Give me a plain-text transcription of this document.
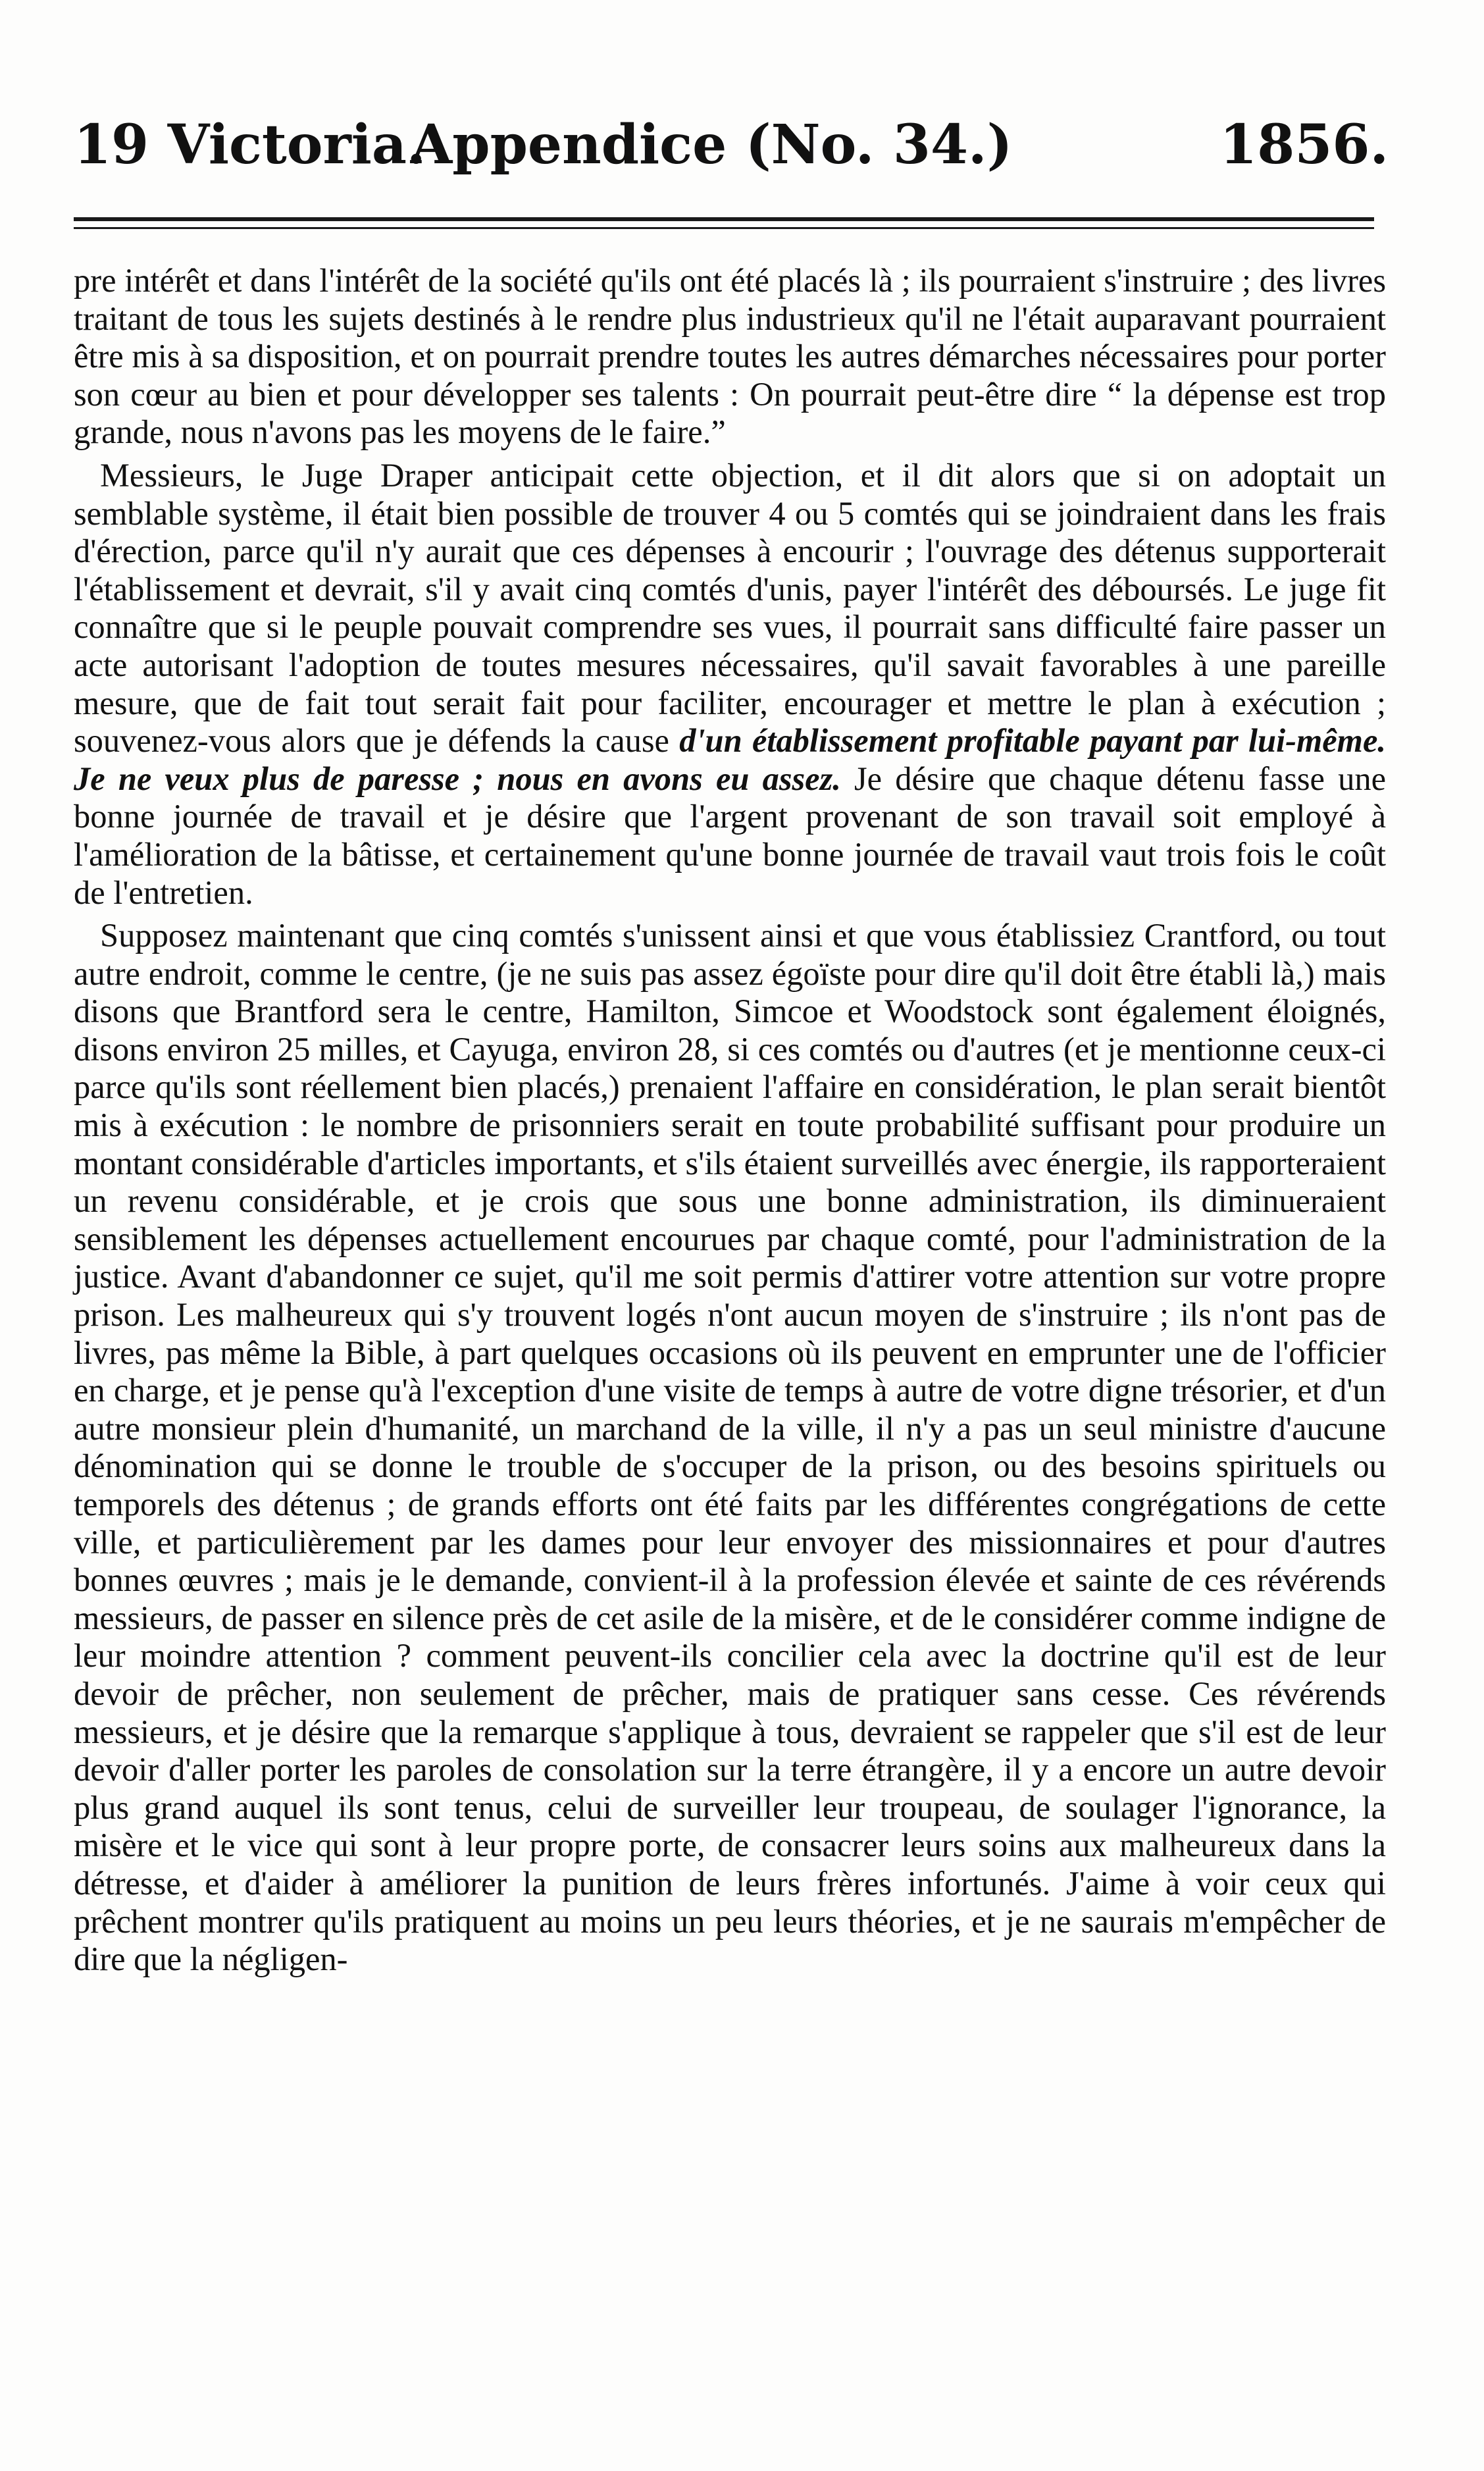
19 Victoria.
Appendice (No. 34.)	1856.

pre intérêt et dans l'intérêt de la société qu'ils ont été placés là ; ils pourraient s'instruire ; des livres traitant de tous les sujets destinés à le rendre plus industrieux qu'il ne l'était auparavant pourraient être mis à sa disposition, et on pourrait prendre toutes les autres démarches nécessaires pour porter son cœur au bien et pour développer ses talents : On pourrait peut-être dire “ la dépense est trop grande, nous n'avons pas les moyens de le faire.”

Messieurs, le Juge Draper anticipait cette objection, et il dit alors que si on adoptait un semblable système, il était bien possible de trouver 4 ou 5 comtés qui se joindraient dans les frais d'érection, parce qu'il n'y aurait que ces dépenses à encourir ; l'ouvrage des détenus supporterait l'établissement et devrait, s'il y avait cinq comtés d'unis, payer l'intérêt des déboursés. Le juge fit connaître que si le peuple pouvait comprendre ses vues, il pourrait sans difficulté faire passer un acte autorisant l'adoption de toutes mesures nécessaires, qu'il savait favorables à une pareille mesure, que de fait tout serait fait pour faciliter, encourager et mettre le plan à exécution ; souvenez-vous alors que je défends la cause d'un établissement profitable payant par lui-même. Je ne veux plus de paresse ; nous en avons eu assez. Je désire que chaque détenu fasse une bonne journée de travail et je désire que l'argent provenant de son travail soit employé à l'amélioration de la bâtisse, et certainement qu'une bonne journée de travail vaut trois fois le coût de l'entretien.

Supposez maintenant que cinq comtés s'unissent ainsi et que vous établissiez Crantford, ou tout autre endroit, comme le centre, (je ne suis pas assez égoïste pour dire qu'il doit être établi là,) mais disons que Brantford sera le centre, Hamilton, Simcoe et Woodstock sont également éloignés, disons environ 25 milles, et Cayuga, environ 28, si ces comtés ou d'autres (et je mentionne ceux-ci parce qu'ils sont réellement bien placés,) prenaient l'affaire en considération, le plan serait bientôt mis à exécution : le nombre de prisonniers serait en toute probabilité suffisant pour produire un montant considérable d'articles importants, et s'ils étaient surveillés avec énergie, ils rapporteraient un revenu considérable, et je crois que sous une bonne administration, ils diminueraient sensiblement les dépenses actuellement encourues par chaque comté, pour l'administration de la justice. Avant d'abandonner ce sujet, qu'il me soit permis d'attirer votre attention sur votre propre prison. Les malheureux qui s'y trouvent logés n'ont aucun moyen de s'instruire ; ils n'ont pas de livres, pas même la Bible, à part quelques occasions où ils peuvent en emprunter une de l'officier en charge, et je pense qu'à l'exception d'une visite de temps à autre de votre digne trésorier, et d'un autre monsieur plein d'humanité, un marchand de la ville, il n'y a pas un seul ministre d'aucune dénomination qui se donne le trouble de s'occuper de la prison, ou des besoins spirituels ou temporels des détenus ; de grands efforts ont été faits par les différentes congrégations de cette ville, et particulièrement par les dames pour leur envoyer des missionnaires et pour d'autres bonnes œuvres ; mais je le demande, convient-il à la profession élevée et sainte de ces révérends messieurs, de passer en silence près de cet asile de la misère, et de le considérer comme indigne de leur moindre attention ? comment peuvent-ils concilier cela avec la doctrine qu'il est de leur devoir de prêcher, non seulement de prêcher, mais de pratiquer sans cesse. Ces révérends messieurs, et je désire que la remarque s'applique à tous, devraient se rappeler que s'il est de leur devoir d'aller porter les paroles de consolation sur la terre étrangère, il y a encore un autre devoir plus grand auquel ils sont tenus, celui de surveiller leur troupeau, de soulager l'ignorance, la misère et le vice qui sont à leur propre porte, de consacrer leurs soins aux malheureux dans la détresse, et d'aider à améliorer la punition de leurs frères infortunés. J'aime à voir ceux qui prêchent montrer qu'ils pratiquent au moins un peu leurs théories, et je ne saurais m'empêcher de dire que la négligen-
